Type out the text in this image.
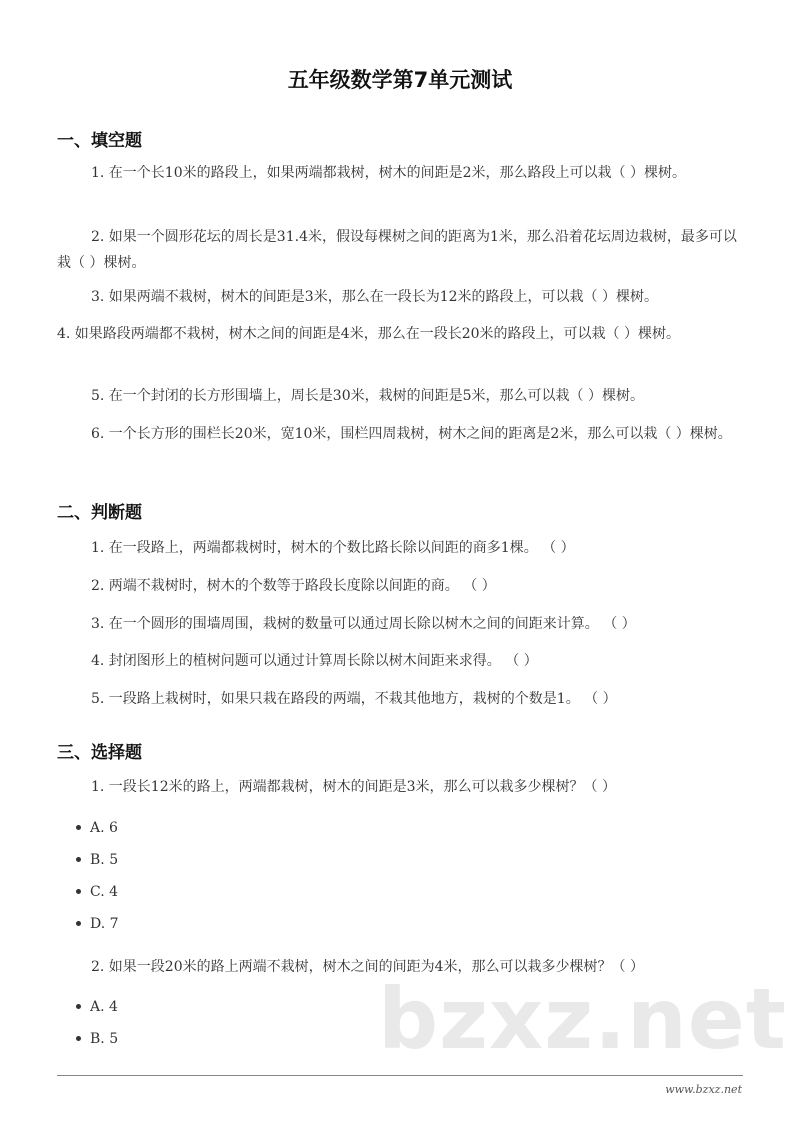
五年级数学第7单元测试
一、填空题

1. 在一个长10米的路段上，如果两端都栽树，树木的间距是2米，那么路段上可以栽（ ）棵树。

2. 如果一个圆形花坛的周长是31.4米，假设每棵树之间的距离为1米，那么沿着花坛周边栽树，最多可以栽（ ）棵树。

3. 如果两端不栽树，树木的间距是3米，那么在一段长为12米的路段上，可以栽（ ）棵树。

4. 如果路段两端都不栽树，树木之间的间距是4米，那么在一段长20米的路段上，可以栽（ ）棵树。

5. 在一个封闭的长方形围墙上，周长是30米，栽树的间距是5米，那么可以栽（ ）棵树。

6. 一个长方形的围栏长20米，宽10米，围栏四周栽树，树木之间的距离是2米，那么可以栽（ ）棵树。

二、判断题

1. 在一段路上，两端都栽树时，树木的个数比路长除以间距的商多1棵。 （ ）

2. 两端不栽树时，树木的个数等于路段长度除以间距的商。 （ ）

3. 在一个圆形的围墙周围，栽树的数量可以通过周长除以树木之间的间距来计算。 （ ）

4. 封闭图形上的植树问题可以通过计算周长除以树木间距来求得。 （ ）

5. 一段路上栽树时，如果只栽在路段的两端，不栽其他地方，栽树的个数是1。 （ ）

三、选择题

1. 一段长12米的路上，两端都栽树，树木的间距是3米，那么可以栽多少棵树？（ ）

A. 6
B. 5
C. 4
D. 7

2. 如果一段20米的路上两端不栽树，树木之间的间距为4米，那么可以栽多少棵树？（ ）

A. 4
B. 5	bzxz.net
www.bzxz.net
